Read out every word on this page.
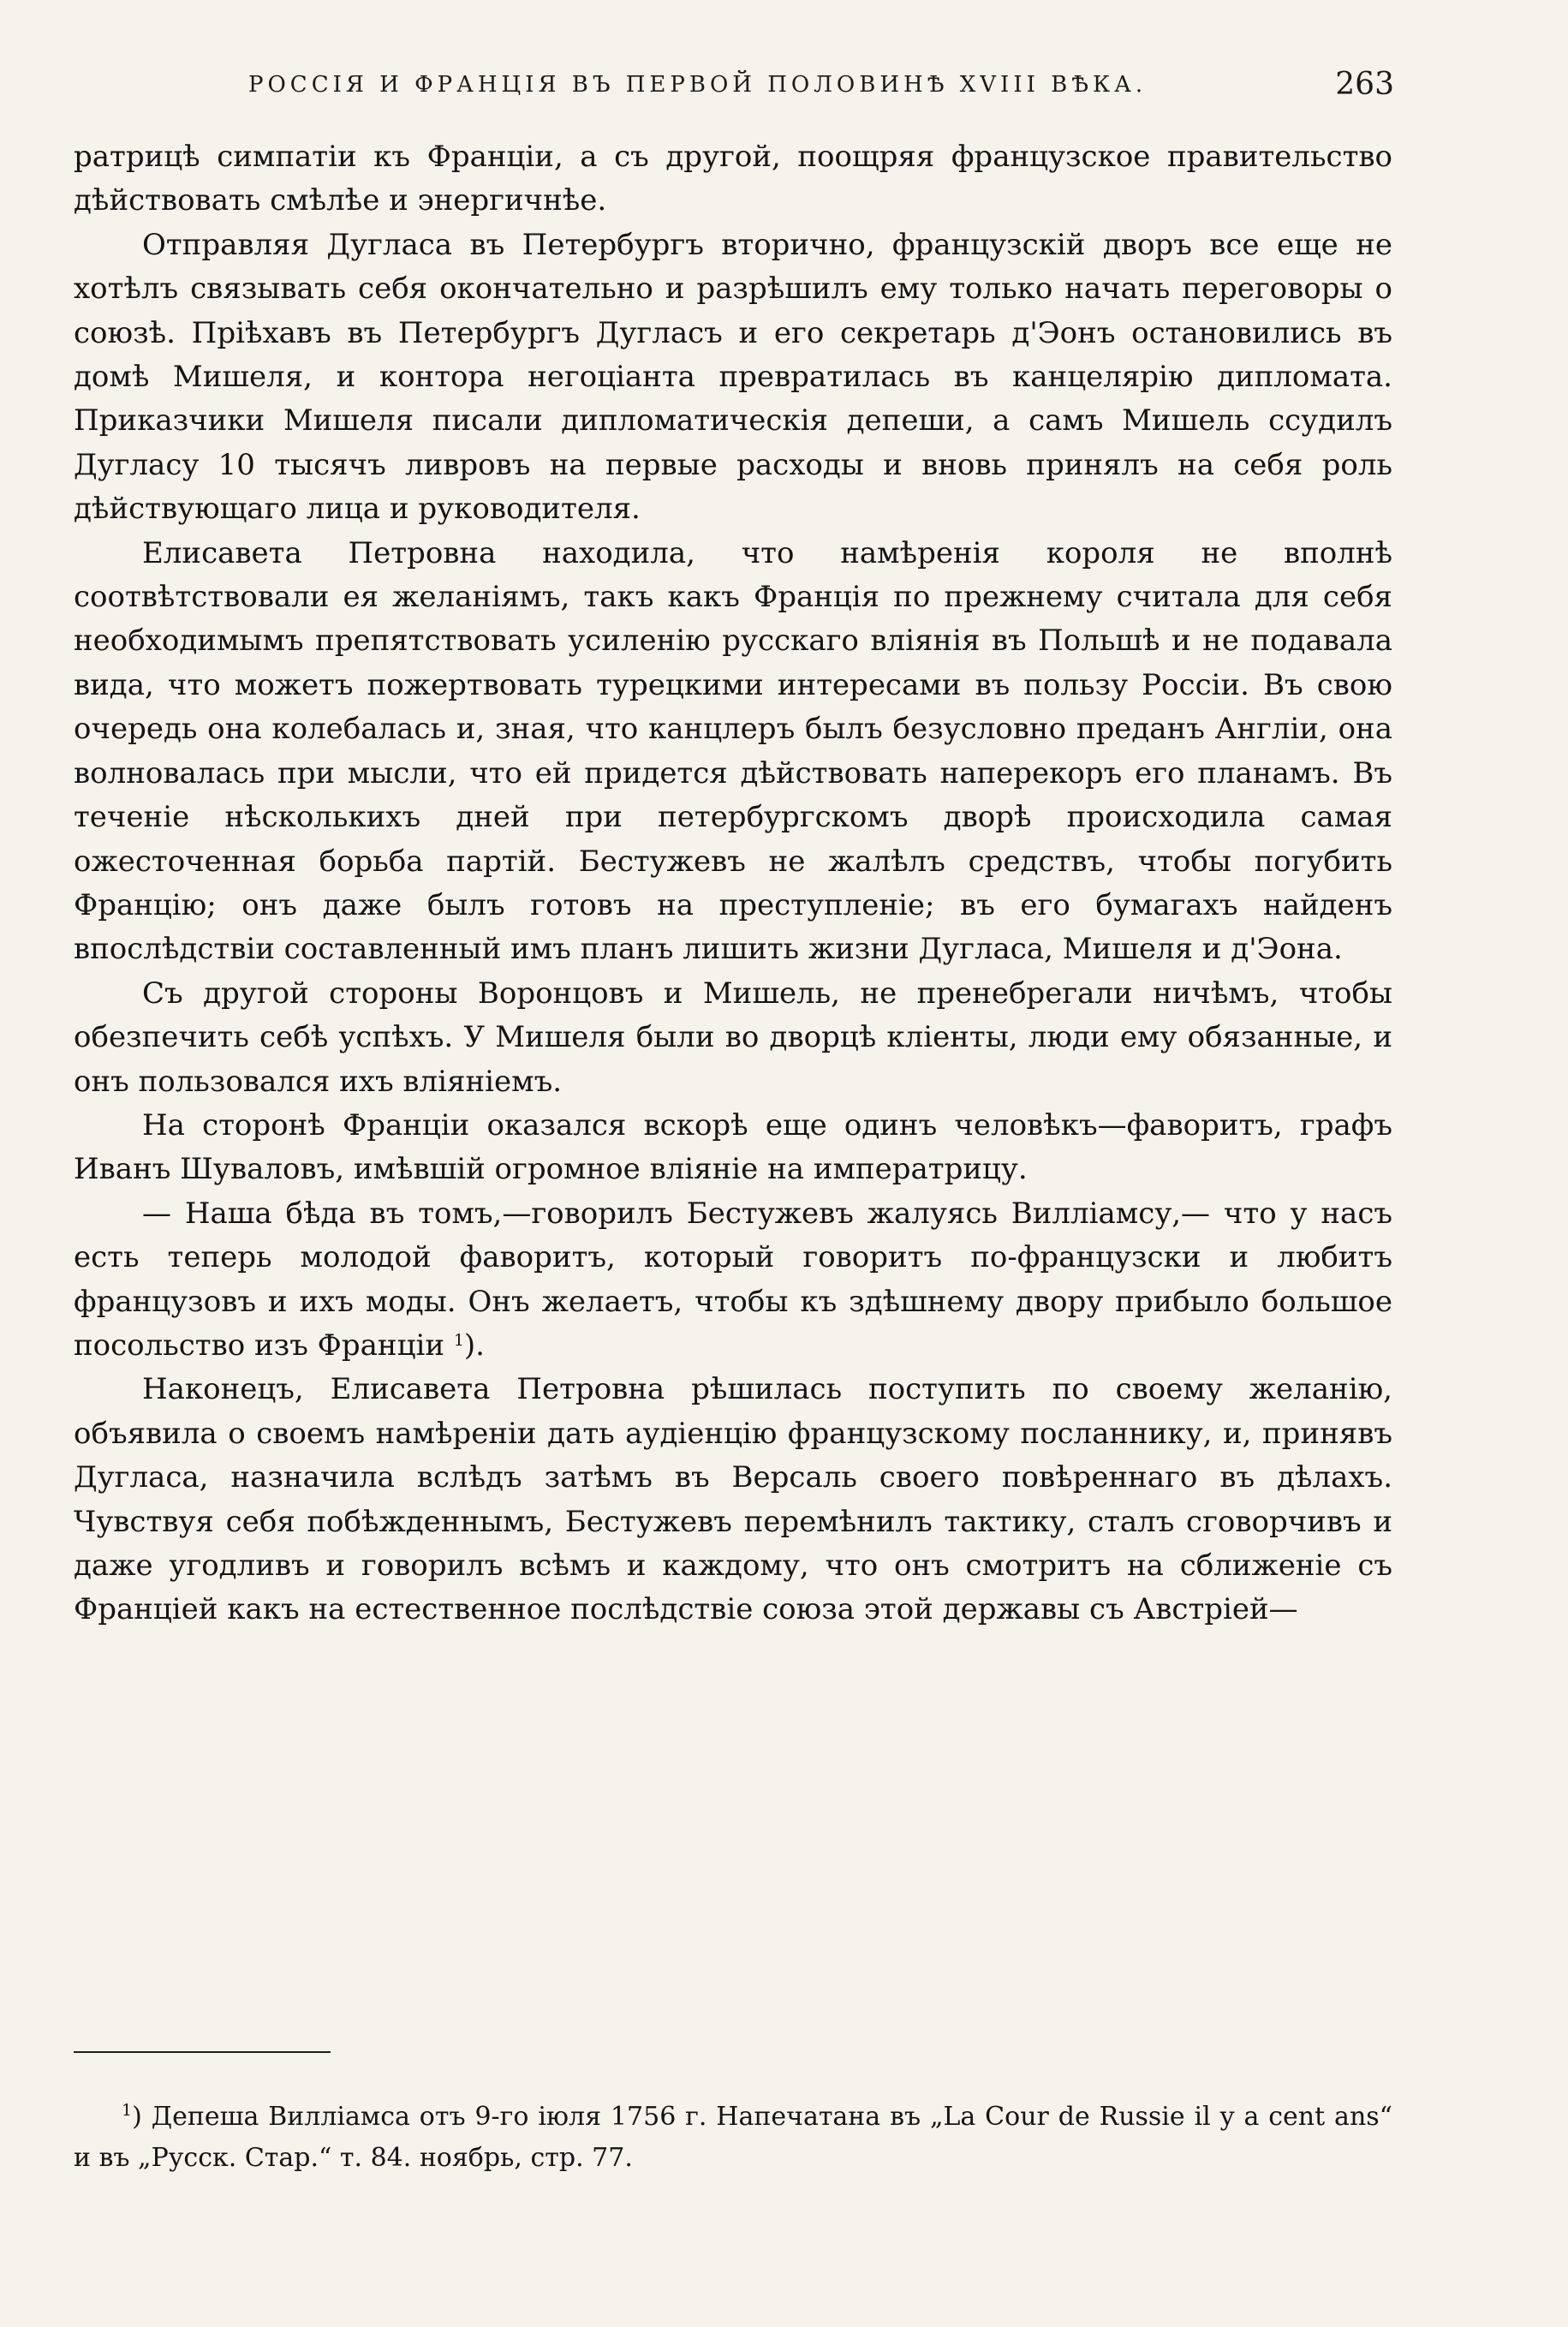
РОССІЯ И ФРАНЦІЯ ВЪ ПЕРВОЙ ПОЛОВИНѢ XVIII ВѢКА.	263

ратрицѣ симпатіи къ Франціи, а съ другой, поощряя французское правительство дѣйствовать смѣлѣе и энергичнѣе.

Отправляя Дугласа въ Петербургъ вторично, французскій дворъ все еще не хотѣлъ связывать себя окончательно и разрѣшилъ ему только начать переговоры о союзѣ. Пріѣхавъ въ Петербургъ Дугласъ и его секретарь д'Эонъ остановились въ домѣ Мишеля, и контора негоціанта превратилась въ канцелярію дипломата. Приказчики Мишеля писали дипломатическія депеши, а самъ Мишель ссудилъ Дугласу 10 тысячъ ливровъ на первые расходы и вновь принялъ на себя роль дѣйствующаго лица и руководителя.

Елисавета Петровна находила, что намѣренія короля не вполнѣ соотвѣтствовали ея желаніямъ, такъ какъ Франція по прежнему считала для себя необходимымъ препятствовать усиленію русскаго вліянія въ Польшѣ и не подавала вида, что можетъ пожертвовать турецкими интересами въ пользу Россіи. Въ свою очередь она колебалась и, зная, что канцлеръ былъ безусловно преданъ Англіи, она волновалась при мысли, что ей придется дѣйствовать наперекоръ его планамъ. Въ теченіе нѣсколькихъ дней при петербургскомъ дворѣ происходила самая ожесточенная борьба партій. Бестужевъ не жалѣлъ средствъ, чтобы погубить Францію; онъ даже былъ готовъ на преступленіе; въ его бумагахъ найденъ впослѣдствіи составленный имъ планъ лишить жизни Дугласа, Мишеля и д'Эона.

Съ другой стороны Воронцовъ и Мишель, не пренебрегали ничѣмъ, чтобы обезпечить себѣ успѣхъ. У Мишеля были во дворцѣ кліенты, люди ему обязанные, и онъ пользовался ихъ вліяніемъ.

На сторонѣ Франціи оказался вскорѣ еще одинъ человѣкъ—фаворитъ, графъ Иванъ Шуваловъ, имѣвшій огромное вліяніе на императрицу.

— Наша бѣда въ томъ,—говорилъ Бестужевъ жалуясь Вилліамсу,— что у насъ есть теперь молодой фаворитъ, который говоритъ по-французски и любитъ французовъ и ихъ моды. Онъ желаетъ, чтобы къ здѣшнему двору прибыло большое посольство изъ Франціи $^1$).

Наконецъ, Елисавета Петровна рѣшилась поступить по своему желанію, объявила о своемъ намѣреніи дать аудіенцію французскому посланнику, и, принявъ Дугласа, назначила вслѣдъ затѣмъ въ Версаль своего повѣреннаго въ дѣлахъ. Чувствуя себя побѣжденнымъ, Бестужевъ перемѣнилъ тактику, сталъ сговорчивъ и даже угодливъ и говорилъ всѣмъ и каждому, что онъ смотритъ на сближеніе съ Франціей какъ на естественное послѣдствіе союза этой державы съ Австріей—

$^1$) Депеша Вилліамса отъ 9-го іюля 1756 г. Напечатана въ „La Cour de Russie il y a cent ans“ и въ „Русск. Стар.“ т. 84. ноябрь, стр. 77.
